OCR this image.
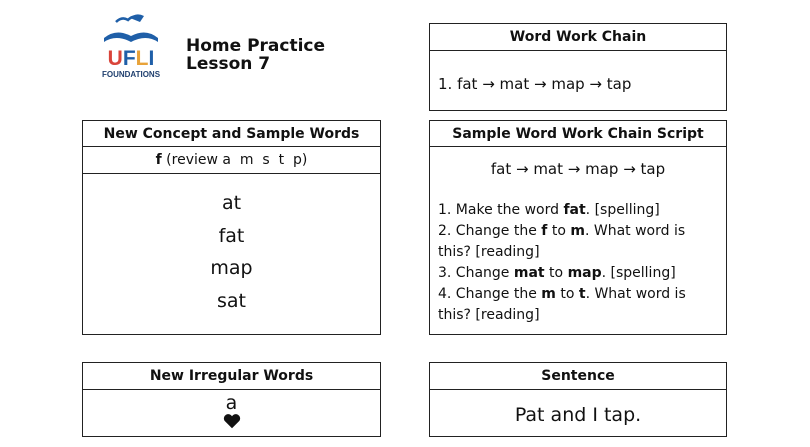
UFLI
FOUNDATIONS
Home Practice
Lesson 7
Word Work Chain
1. fat → mat → map → tap
New Concept and Sample Words
f (review a  m  s  t  p)
at
fat
map
sat
Sample Word Work Chain Script
fat → mat → map → tap
1. Make the word fat. [spelling]
2. Change the f to m. What word is this? [reading]
3. Change mat to map. [spelling]
4. Change the m to t. What word is this? [reading]
New Irregular Words
a
Sentence
Pat and I tap.
